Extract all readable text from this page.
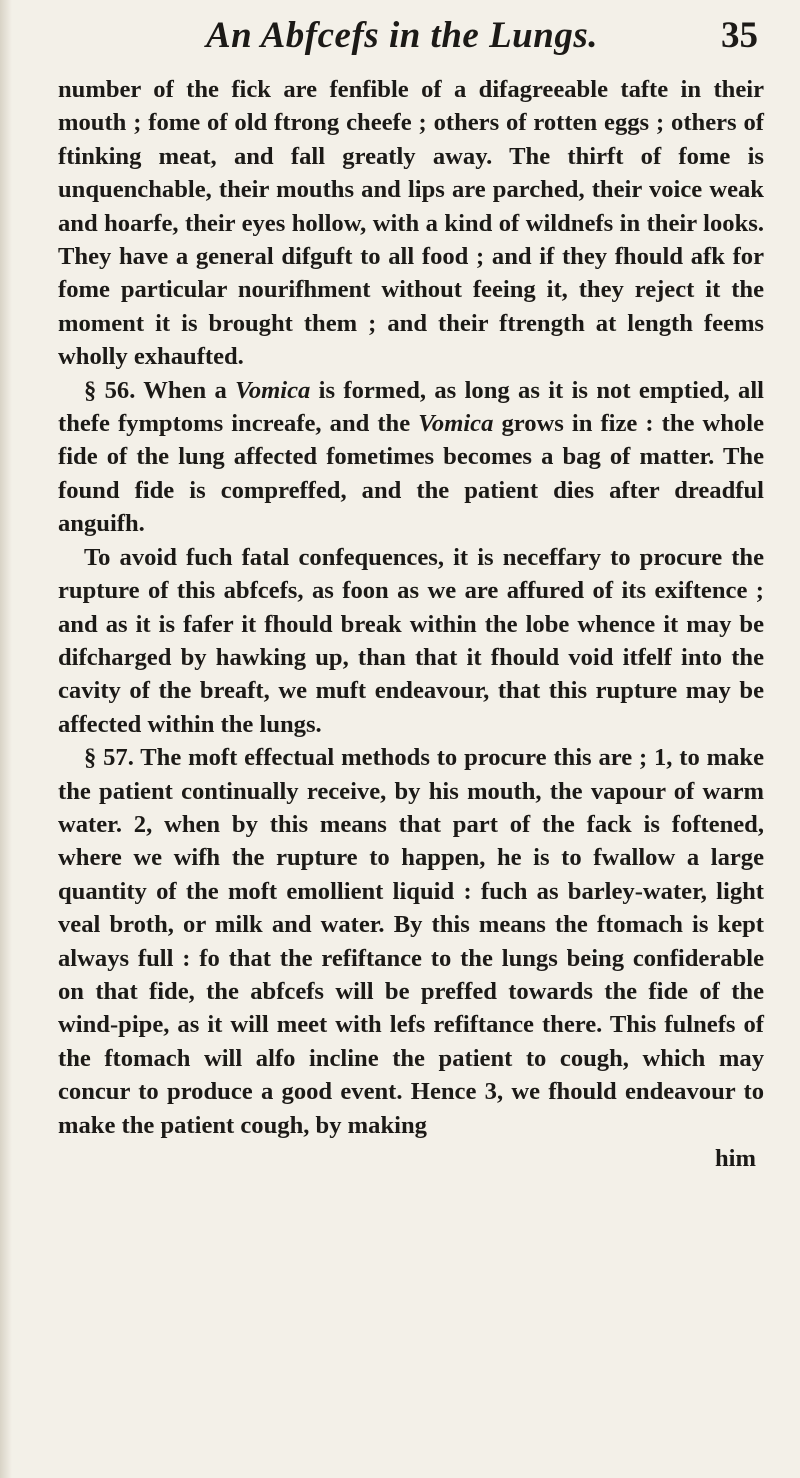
An Abfcefs in the Lungs.	35

number of the fick are fenfible of a difagreeable tafte in their mouth ; fome of old ftrong cheefe ; others of rotten eggs ; others of ftinking meat, and fall greatly away. The thirft of fome is unquenchable, their mouths and lips are parched, their voice weak and hoarfe, their eyes hollow, with a kind of wildnefs in their looks. They have a general difguft to all food ; and if they fhould afk for fome particular nourifhment without feeing it, they reject it the moment it is brought them ; and their ftrength at length feems wholly exhaufted.

§ 56. When a Vomica is formed, as long as it is not emptied, all thefe fymptoms increafe, and the Vomica grows in fize : the whole fide of the lung affected fometimes becomes a bag of matter. The found fide is compreffed, and the patient dies after dreadful anguifh.

To avoid fuch fatal confequences, it is neceffary to procure the rupture of this abfcefs, as foon as we are affured of its exiftence ; and as it is fafer it fhould break within the lobe whence it may be difcharged by hawking up, than that it fhould void itfelf into the cavity of the breaft, we muft endeavour, that this rupture may be affected within the lungs.

§ 57. The moft effectual methods to procure this are ; 1, to make the patient continually receive, by his mouth, the vapour of warm water. 2, when by this means that part of the fack is foftened, where we wifh the rupture to happen, he is to fwallow a large quantity of the moft emollient liquid : fuch as barley-water, light veal broth, or milk and water. By this means the ftomach is kept always full : fo that the refiftance to the lungs being confiderable on that fide, the abfcefs will be preffed towards the fide of the wind-pipe, as it will meet with lefs refiftance there. This fulnefs of the ftomach will alfo incline the patient to cough, which may concur to produce a good event. Hence 3, we fhould endeavour to make the patient cough, by making

him
